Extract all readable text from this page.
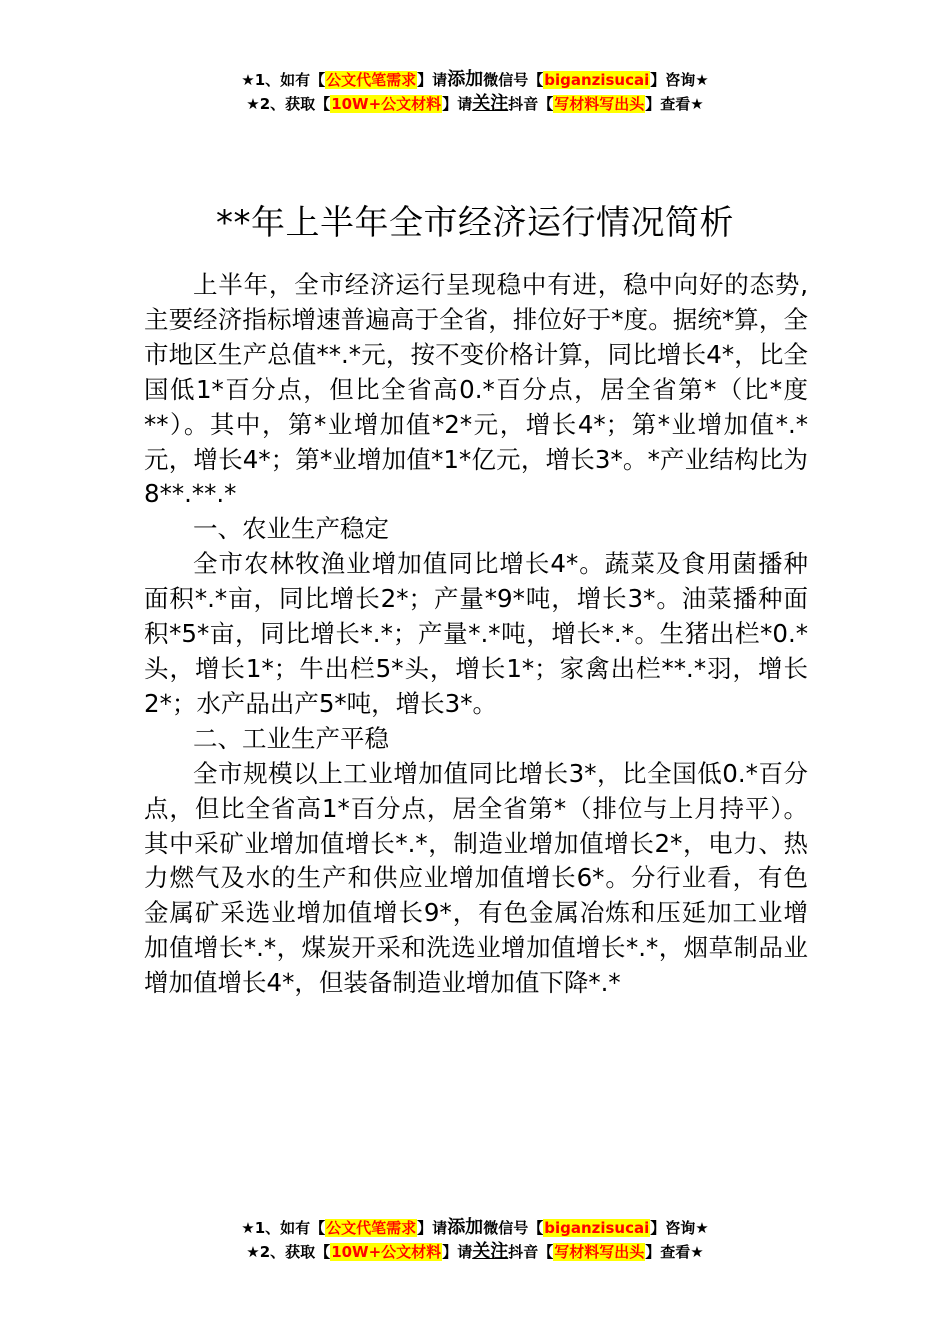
★1、如有【公文代笔需求】请添加微信号【biganzisucai】咨询★
★2、获取【10W+公文材料】请关注抖音【写材料写出头】查看★
**年上半年全市经济运行情况简析

上半年，全市经济运行呈现稳中有进，稳中向好的态势,主要经济指标增速普遍高于全省，排位好于*度。据统*算，全市地区生产总值**.*元，按不变价格计算，同比增长4*，比全国低1*百分点，但比全省高0.*百分点，居全省第*（比*度**）。其中，第*业增加值*2*元，增长4*；第*业增加值*.*元，增长4*；第*业增加值*1*亿元，增长3*。*产业结构比为8**.**.*

一、农业生产稳定

全市农林牧渔业增加值同比增长4*。蔬菜及食用菌播种面积*.*亩，同比增长2*；产量*9*吨，增长3*。油菜播种面积*5*亩，同比增长*.*；产量*.*吨，增长*.*。生猪出栏*0.*头，增长1*；牛出栏5*头，增长1*；家禽出栏**.*羽，增长2*；水产品出产5*吨，增长3*。

二、工业生产平稳

全市规模以上工业增加值同比增长3*，比全国低0.*百分点，但比全省高1*百分点，居全省第*（排位与上月持平）。其中采矿业增加值增长*.*，制造业增加值增长2*，电力、热力燃气及水的生产和供应业增加值增长6*。分行业看，有色金属矿采选业增加值增长9*，有色金属冶炼和压延加工业增加值增长*.*，煤炭开采和洗选业增加值增长*.*，烟草制品业增加值增长4*，但装备制造业增加值下降*.*

★1、如有【公文代笔需求】请添加微信号【biganzisucai】咨询★
★2、获取【10W+公文材料】请关注抖音【写材料写出头】查看★
